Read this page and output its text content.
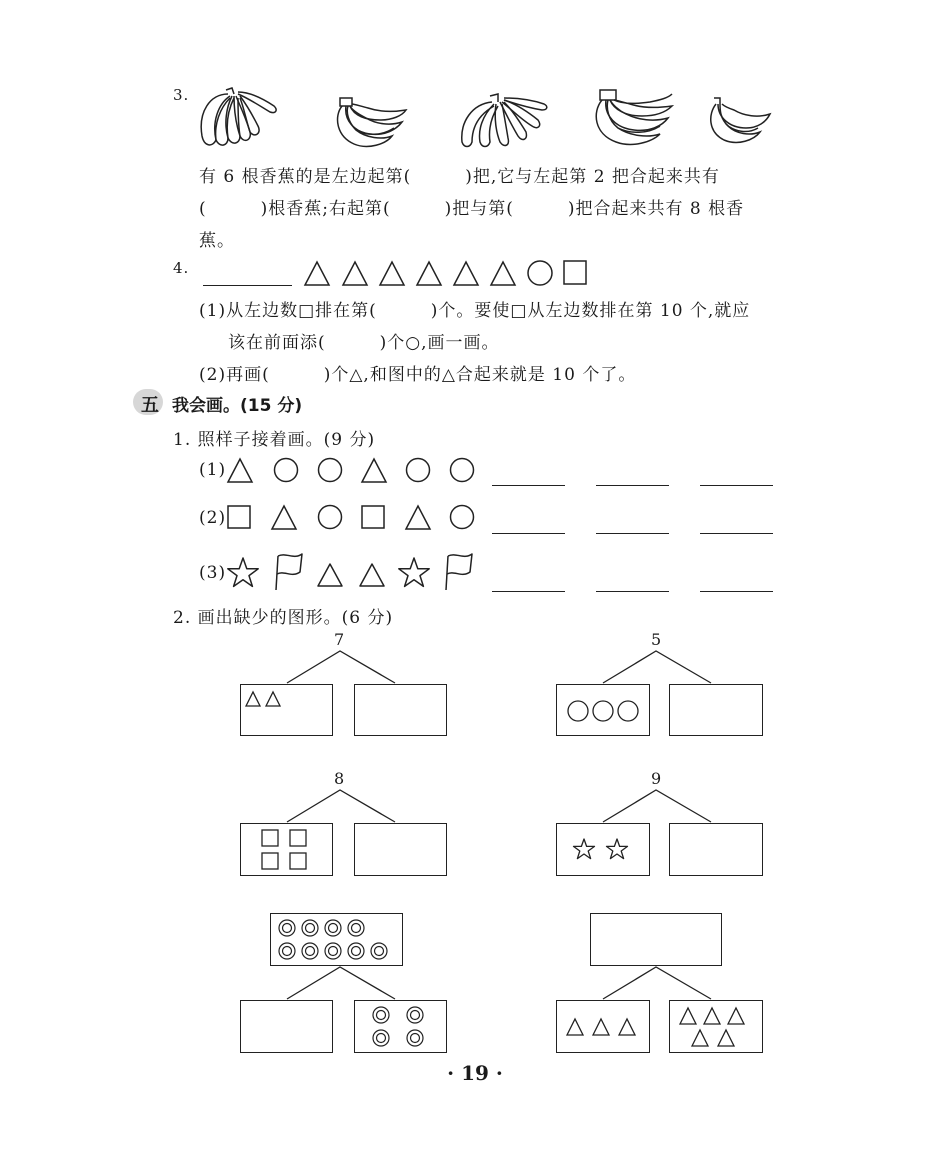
3.
有 6 根香蕉的是左边起第(　　　)把,它与左起第 2 把合起来共有
(　　　)根香蕉;右起第(　　　)把与第(　　　)把合起来共有 8 根香
蕉。
4.
(1)从左边数□排在第(　　　)个。要使□从左边数排在第 10 个,就应
该在前面添(　　　)个○,画一画。
(2)再画(　　　)个△,和图中的△合起来就是 10 个了。
五 我会画。(15 分)
1. 照样子接着画。(9 分)
(1)
(2)
(3)
2. 画出缺少的图形。(6 分)
7	5
8	9
· 19 ·
